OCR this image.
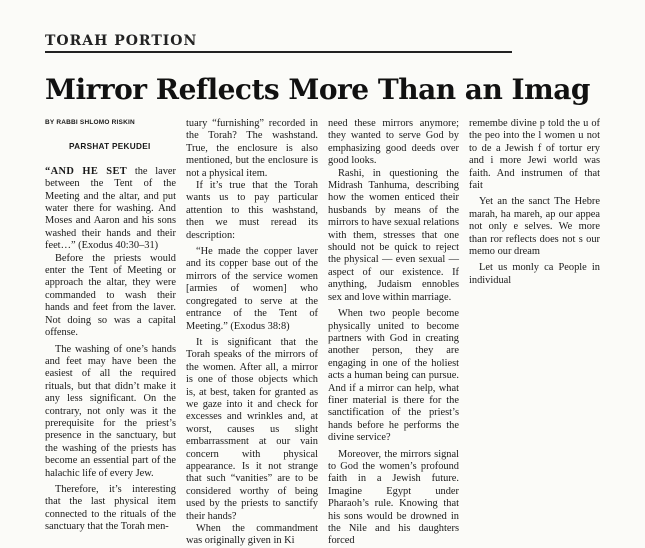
TORAH PORTION
Mirror Reflects More Than an Imag
BY RABBI SHLOMO RISKIN
PARSHAT PEKUDEI

“AND HE SET the laver between the Tent of the Meeting and the altar, and put water there for washing. And Moses and Aaron and his sons washed their hands and their feet…” (Exodus 40:30–31)

Before the priests would enter the Tent of Meeting or approach the altar, they were commanded to wash their hands and feet from the laver. Not doing so was a capital offense.

The washing of one’s hands and feet may have been the easiest of all the required rituals, but that didn’t make it any less significant. On the contrary, not only was it the prerequisite for the priest’s presence in the sanctuary, but the washing of the priests has become an essential part of the halachic life of every Jew.

Therefore, it’s interesting that the last physical item connected to the rituals of the sanctuary that the Torah men-

tuary “furnishing” recorded in the Torah? The washstand. True, the enclosure is also mentioned, but the enclosure is not a physical item.

If it’s true that the Torah wants us to pay particular attention to this washstand, then we must reread its description:

“He made the copper laver and its copper base out of the mirrors of the service women [armies of women] who congregated to serve at the entrance of the Tent of Meeting.” (Exodus 38:8)

It is significant that the Torah speaks of the mirrors of the women. After all, a mirror is one of those objects which is, at best, taken for granted as we gaze into it and check for excesses and wrinkles and, at worst, causes us slight embarrassment at our vain concern with physical appearance. Is it not strange that such “vanities” are to be considered worthy of being used by the priests to sanctify their hands?

When the commandment was originally given in Ki

need these mirrors anymore; they wanted to serve God by emphasizing good deeds over good looks.

Rashi, in questioning the Midrash Tanhuma, describing how the women enticed their husbands by means of the mirrors to have sexual relations with them, stresses that one should not be quick to reject the physical — even sexual — aspect of our existence. If anything, Judaism ennobles sex and love within marriage.

When two people become physically united to become partners with God in creating another person, they are engaging in one of the holiest acts a human being can pursue. And if a mirror can help, what finer material is there for the sanctification of the priest’s hands before he performs the divine service?

Moreover, the mirrors signal to God the women’s profound faith in a Jewish future. Imagine Egypt under Pharaoh’s rule. Knowing that his sons would be drowned in the Nile and his daughters forced

remembe divine p told the u of the peo into the l women u not to de a Jewish f of tortur ery and i more Jewi world was faith. And instrumen of that fait

Yet an the sanct The Hebre marah, ha mareh, ap our appea not only e selves. We more than ror reflects does not s our memo our dream

Let us monly ca People in individual
